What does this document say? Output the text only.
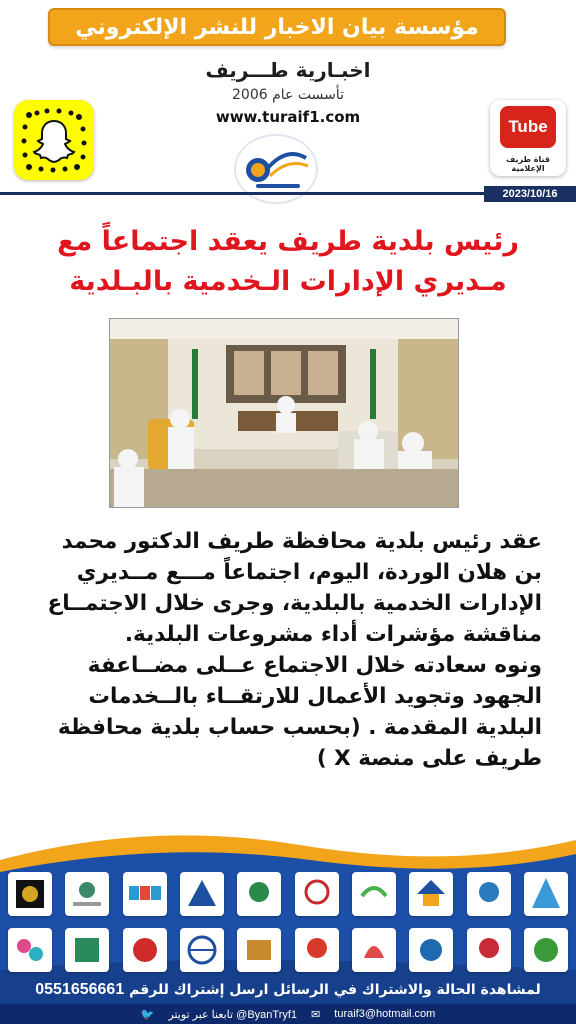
مؤسسة بيان الاخبار للنشر الإلكتروني
اخبـارية طـــريف
تأسست عام 2006
www.turaif1.com	Tube
قناة طريف الإعلامية
2023/10/16
رئيس بلدية طريف يعقد اجتماعاً مع
مـديري الإدارات الـخدمية بالبـلدية

عقد رئيس بلدية محافظة طريف الدكتور محمد

بن هلان الوردة، اليوم، اجتماعاً مـــع مــديري

الإدارات الخدمية بالبلدية، وجرى خلال الاجتمــاع

مناقشة مؤشرات أداء مشروعات البلدية.

ونوه سعادته خلال الاجتماع عــلى مضــاعفة

الجهود وتجويد الأعمال للارتقــاء بالــخدمات

البلدية المقدمة . (بحسب حساب بلدية محافظة

طريف على منصة X )

لمشاهدة الحالة والاشتراك في الرسائل ارسل إشتراك للرقم 0551656661
🐦 تابعنا عبر تويتر @ByanTryf1 ✉ turaif3@hotmail.com
